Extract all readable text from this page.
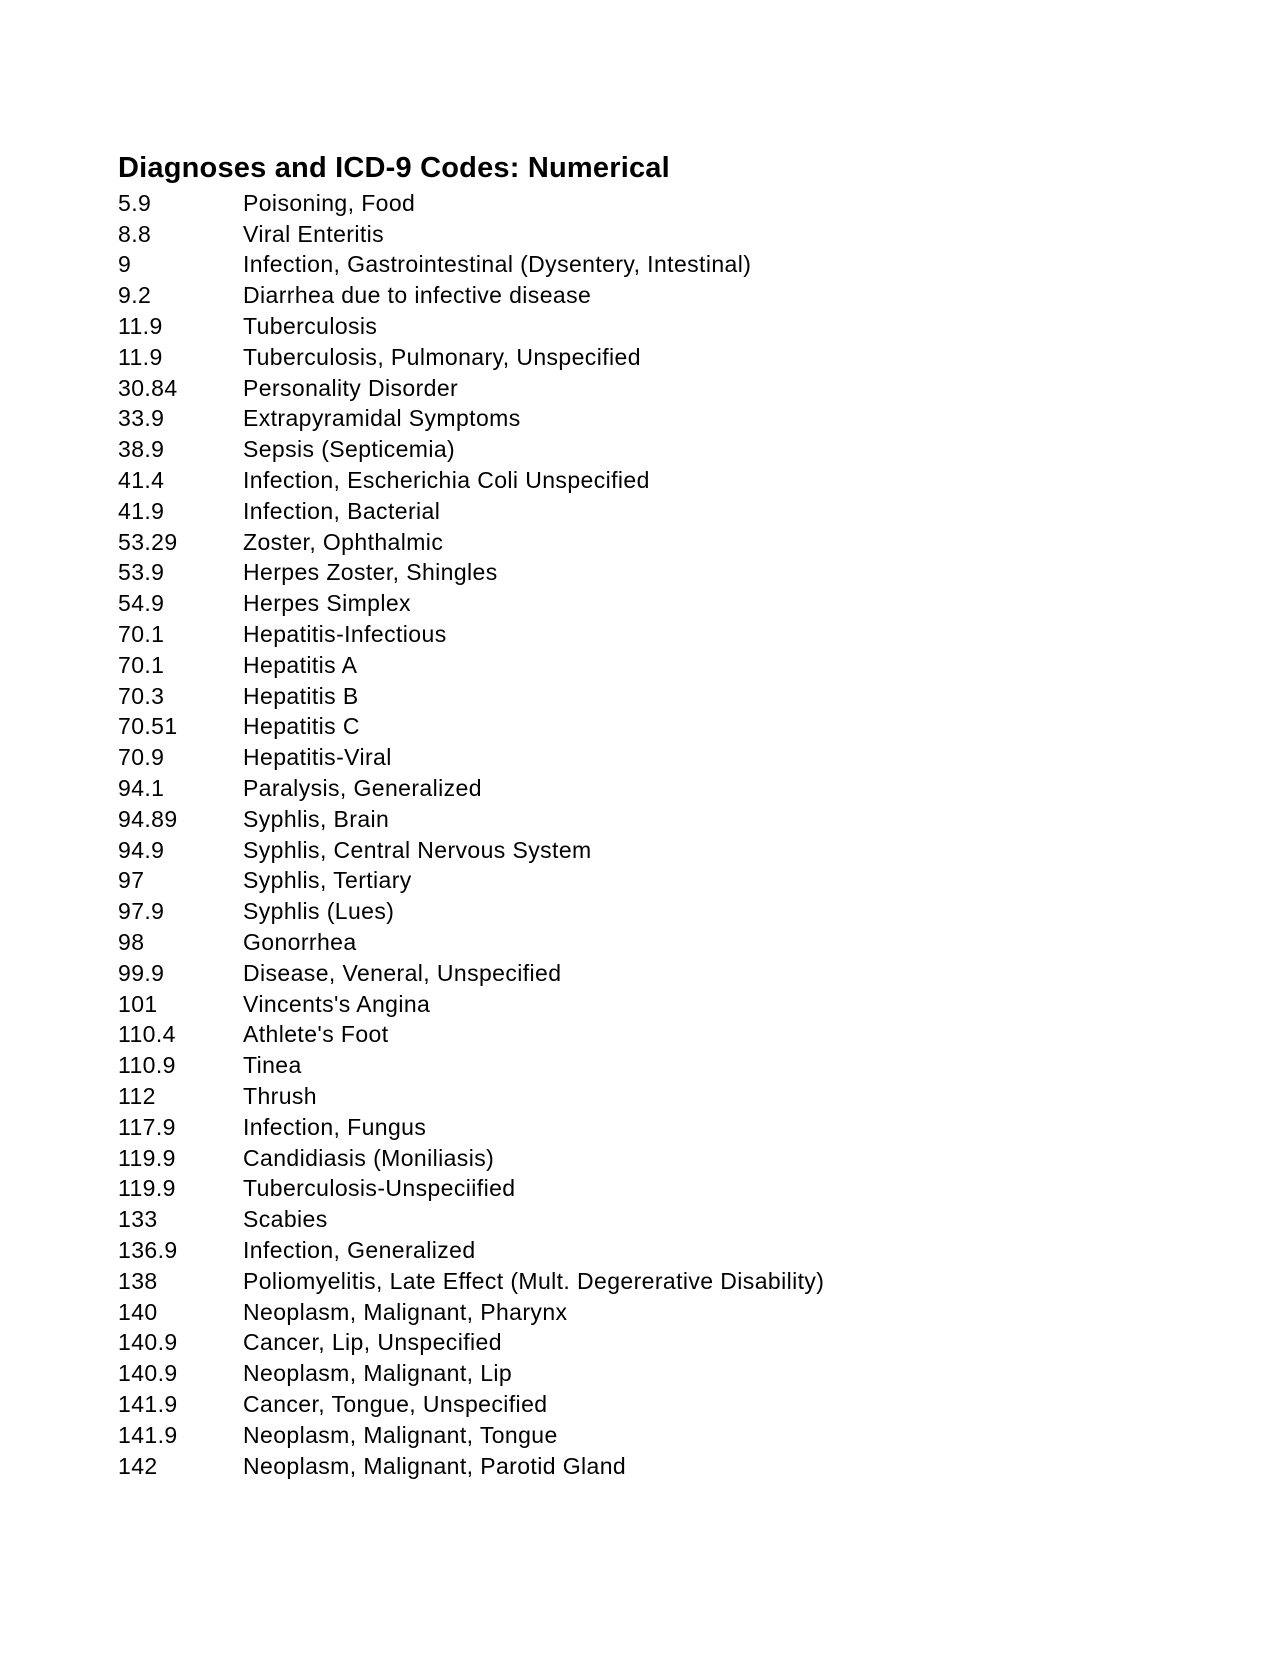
Diagnoses and ICD-9 Codes: Numerical
5.9	Poisoning, Food
8.8	Viral Enteritis
9	Infection, Gastrointestinal (Dysentery, Intestinal)
9.2	Diarrhea due to infective disease
11.9	Tuberculosis
11.9	Tuberculosis, Pulmonary, Unspecified
30.84	Personality Disorder
33.9	Extrapyramidal Symptoms
38.9	Sepsis (Septicemia)
41.4	Infection, Escherichia Coli Unspecified
41.9	Infection, Bacterial
53.29	Zoster, Ophthalmic
53.9	Herpes Zoster, Shingles
54.9	Herpes Simplex
70.1	Hepatitis-Infectious
70.1	Hepatitis A
70.3	Hepatitis B
70.51	Hepatitis C
70.9	Hepatitis-Viral
94.1	Paralysis, Generalized
94.89	Syphlis, Brain
94.9	Syphlis, Central Nervous System
97	Syphlis, Tertiary
97.9	Syphlis (Lues)
98	Gonorrhea
99.9	Disease, Veneral, Unspecified
101	Vincents's Angina
110.4	Athlete's Foot
110.9	Tinea
112	Thrush
117.9	Infection, Fungus
119.9	Candidiasis (Moniliasis)
119.9	Tuberculosis-Unspeciified
133	Scabies
136.9	Infection, Generalized
138	Poliomyelitis, Late Effect (Mult. Degererative Disability)
140	Neoplasm, Malignant, Pharynx
140.9	Cancer, Lip, Unspecified
140.9	Neoplasm, Malignant, Lip
141.9	Cancer, Tongue, Unspecified
141.9	Neoplasm, Malignant, Tongue
142	Neoplasm, Malignant, Parotid Gland
